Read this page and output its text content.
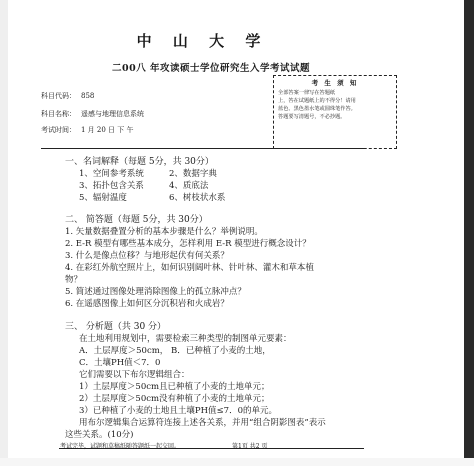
中 山 大 学
二00八 年攻读硕士学位研究生入学考试试题
科目代码： 858
科目名称： 遥感与地理信息系统
考试时间： 1 月 20 日 下 午
考 生 须 知
全部答案一律写在答题纸
上，答在试题纸上的不得分！请用
蓝色、黑色墨水笔或圆珠笔作答。
答题要写清题号，不必抄题。
一、名词解释（每题 5分，共 30分）
1、空间参考系统	2、数据字典
3、拓扑包含关系	4、质底法
5、辐射温度	6、树枝状水系
二、 简答题（每题 5分，共 30分）
1. 矢量数据叠置分析的基本步骤是什么？举例说明。
2. E-R 模型有哪些基本成分，怎样利用 E-R 模型进行概念设计？
3. 什么是像点位移？与地形起伏有何关系？
4. 在彩红外航空照片上，如何识别阔叶林、针叶林、灌木和草本植
物？
5. 简述通过图像处理消除图像上的孤立脉冲点？
6. 在遥感图像上如何区分沉积岩和火成岩？
三、 分析题（共 30 分）
在土地利用规划中，需要检索三种类型的制图单元要素：
A．土层厚度＞50cm， B．已种植了小麦的土地，
C．土壤PH值＜7．0
它们需要以下布尔逻辑组合：
1）土层厚度＞50cm且已种植了小麦的土地单元；
2）土层厚度＞50cm没有种植了小麦的土地单元；
3）已种植了小麦的土地且土壤PH值≤7．0的单元。
用布尔逻辑集合运算符连接上述各关系，并用“组合阴影图表”表示
这些关系。(10分)
考试完毕，试题和草稿纸随答题纸一起交回。	第1页 共2 页
